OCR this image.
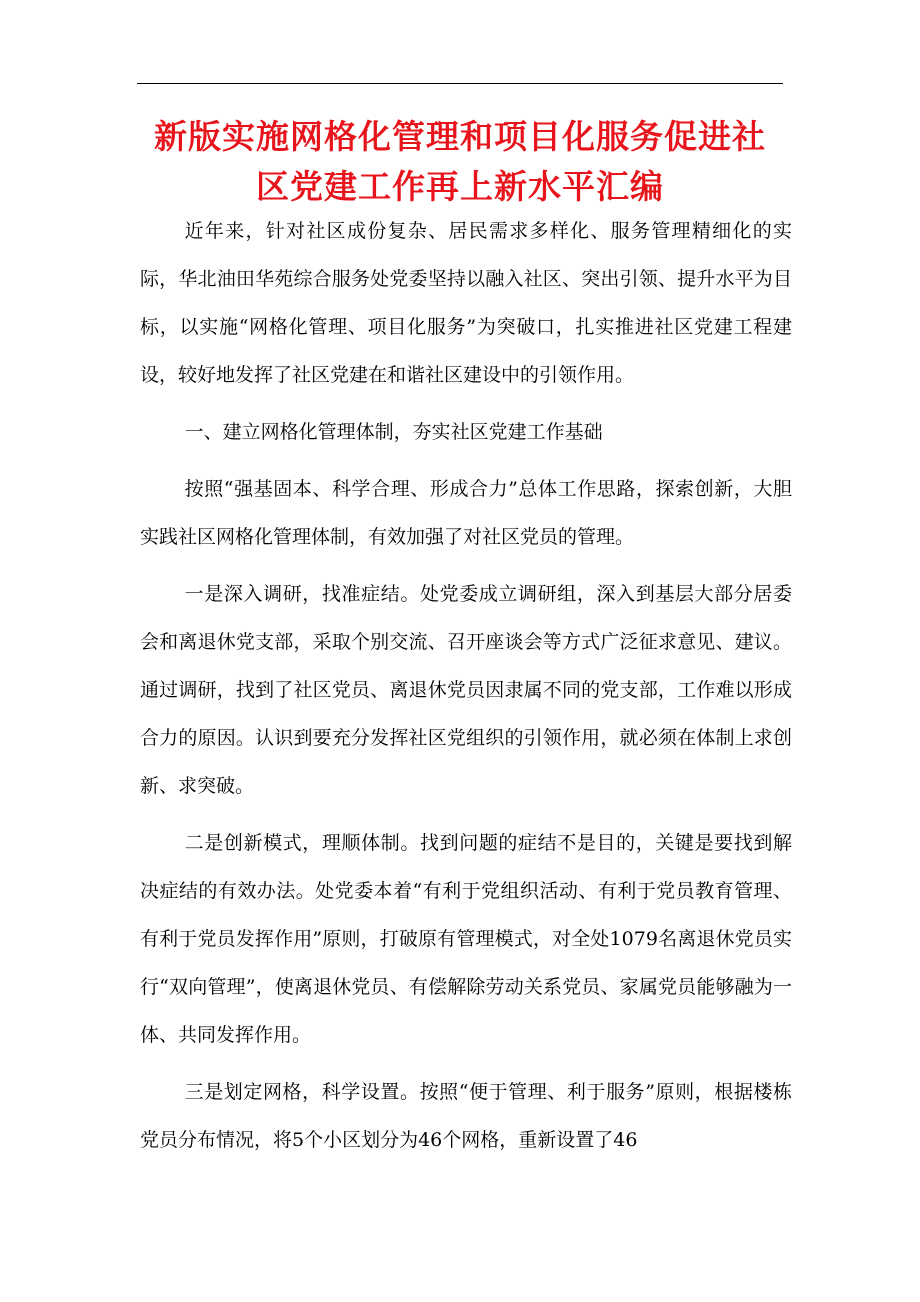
新版实施网格化管理和项目化服务促进社
区党建工作再上新水平汇编

近年来，针对社区成份复杂、居民需求多样化、服务管理精细化的实际，华北油田华苑综合服务处党委坚持以融入社区、突出引领、提升水平为目标，以实施“网格化管理、项目化服务”为突破口，扎实推进社区党建工程建设，较好地发挥了社区党建在和谐社区建设中的引领作用。

一、建立网格化管理体制，夯实社区党建工作基础

按照“强基固本、科学合理、形成合力”总体工作思路，探索创新，大胆实践社区网格化管理体制，有效加强了对社区党员的管理。

一是深入调研，找准症结。处党委成立调研组，深入到基层大部分居委会和离退休党支部，采取个别交流、召开座谈会等方式广泛征求意见、建议。通过调研，找到了社区党员、离退休党员因隶属不同的党支部，工作难以形成合力的原因。认识到要充分发挥社区党组织的引领作用，就必须在体制上求创新、求突破。

二是创新模式，理顺体制。找到问题的症结不是目的，关键是要找到解决症结的有效办法。处党委本着“有利于党组织活动、有利于党员教育管理、有利于党员发挥作用”原则，打破原有管理模式，对全处1079名离退休党员实行“双向管理”，使离退休党员、有偿解除劳动关系党员、家属党员能够融为一体、共同发挥作用。

三是划定网格，科学设置。按照“便于管理、利于服务”原则，根据楼栋党员分布情况，将5个小区划分为46个网格，重新设置了46
